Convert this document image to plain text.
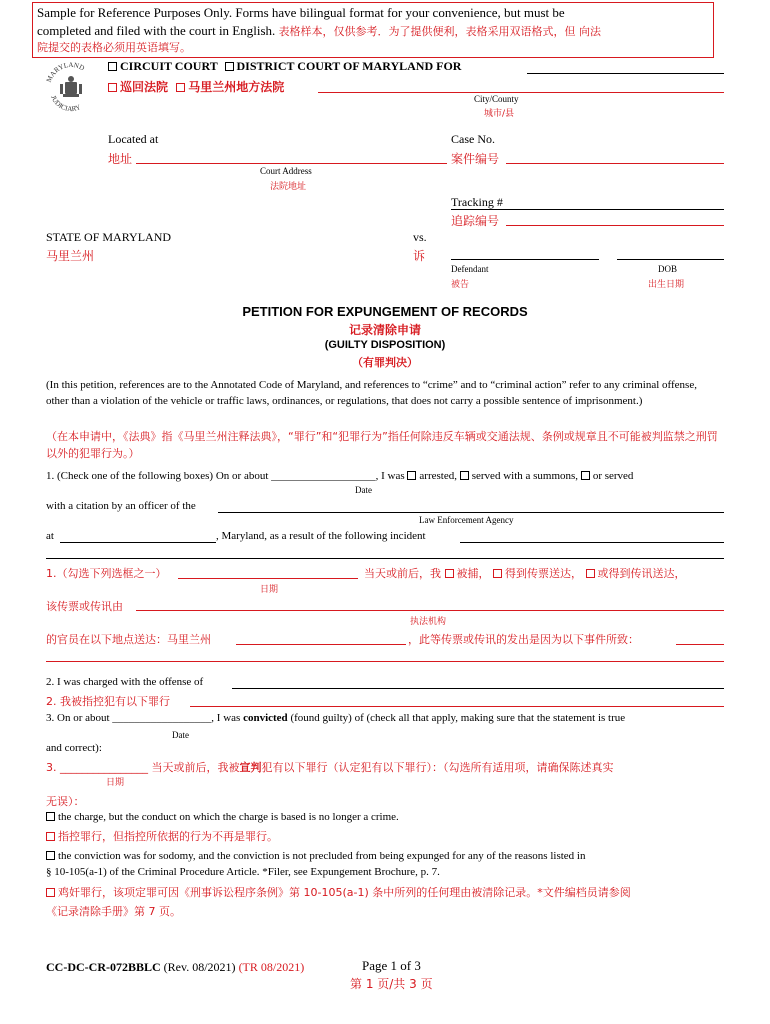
Sample for Reference Purposes Only. Forms have bilingual format for your convenience, but must be
completed and filed with the court in English. 表格样本，仅供参考．为了提供便利，表格采用双语格式，但 向法
院提交的表格必须用英语填写。
MARYLAND
JUDICIARY
CIRCUIT COURT DISTRICT COURT OF MARYLAND FOR
巡回法院 马里兰州地方法院
City/County
城市/县
Located at
地址
Court Address
法院地址
Case No.
案件编号
Tracking #
追踪编号
STATE OF MARYLAND
马里兰州
vs.
诉
Defendant
被告
DOB
出生日期
PETITION FOR EXPUNGEMENT OF RECORDS
记录清除申请
(GUILTY DISPOSITION)
（有罪判决）
(In this petition, references are to the Annotated Code of Maryland, and references to “crime” and to “criminal action” refer to any criminal offense, other than a violation of the vehicle or traffic laws, ordinances, or regulations, that does not carry a possible sentence of imprisonment.)
（在本申请中，《法典》指《马里兰州注释法典》，“罪行”和“犯罪行为”指任何除违反车辆或交通法规、条例或规章且不可能被判监禁之刑罚以外的犯罪行为。）
1. (Check one of the following boxes) On or about ___________________, I was arrested, served with a summons, or served
Date
with a citation by an officer of the
Law Enforcement Agency
at	, Maryland, as a result of the following incident
1.（勾选下列选框之一）	当天或前后，我 被捕， 得到传票送达， 或得到传讯送达，
日期
该传票或传讯由
执法机构
的官员在以下地点送达：马里兰州	，此等传票或传讯的发出是因为以下事件所致：
2. I was charged with the offense of
2. 我被指控犯有以下罪行
3. On or about __________________, I was convicted (found guilty) of (check all that apply, making sure that the statement is true
Date
and correct):
3. ________________ 当天或前后，我被宣判犯有以下罪行（认定犯有以下罪行）：（勾选所有适用项，请确保陈述真实
日期
无误）：
the charge, but the conduct on which the charge is based is no longer a crime.
指控罪行，但指控所依据的行为不再是罪行。
the conviction was for sodomy, and the conviction is not precluded from being expunged for any of the reasons listed in
§ 10-105(a-1) of the Criminal Procedure Article. *Filer, see Expungement Brochure, p. 7.
鸡奸罪行，该项定罪可因《刑事诉讼程序条例》第 10-105(a-1) 条中所列的任何理由被清除记录。*文件编档员请参阅
《记录清除手册》第 7 页。
CC-DC-CR-072BBLC (Rev. 08/2021) (TR 08/2021)	Page 1 of 3
第 1 页/共 3 页
